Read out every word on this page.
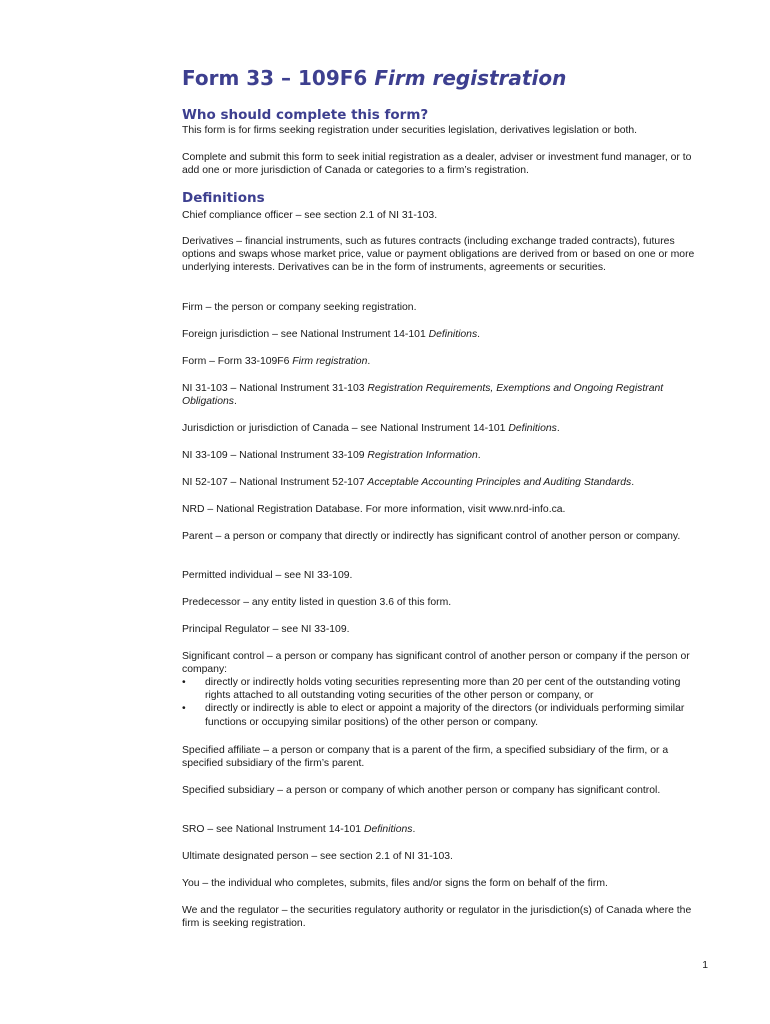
Form 33 – 109F6 Firm registration
Who should complete this form?

This form is for firms seeking registration under securities legislation, derivatives legislation or both.

Complete and submit this form to seek initial registration as a dealer, adviser or investment fund manager, or to add one or more jurisdiction of Canada or categories to a firm’s registration.

Definitions

Chief compliance officer – see section 2.1 of NI 31-103.

Derivatives – financial instruments, such as futures contracts (including exchange traded contracts), futures options and swaps whose market price, value or payment obligations are derived from or based on one or more underlying interests. Derivatives can be in the form of instruments, agreements or securities.

Firm – the person or company seeking registration.

Foreign jurisdiction – see National Instrument 14-101 Definitions.

Form – Form 33-109F6 Firm registration.

NI 31-103 – National Instrument 31-103 Registration Requirements, Exemptions and Ongoing Registrant Obligations.

Jurisdiction or jurisdiction of Canada – see National Instrument 14-101 Definitions.

NI 33-109 – National Instrument 33-109 Registration Information.

NI 52-107 – National Instrument 52-107 Acceptable Accounting Principles and Auditing Standards.

NRD – National Registration Database. For more information, visit www.nrd-info.ca.

Parent – a person or company that directly or indirectly has significant control of another person or company.

Permitted individual – see NI 33-109.

Predecessor – any entity listed in question 3.6 of this form.

Principal Regulator – see NI 33-109.

Significant control – a person or company has significant control of another person or company if the person or company:

• directly or indirectly holds voting securities representing more than 20 per cent of the outstanding voting rights attached to all outstanding voting securities of the other person or company, or
• directly or indirectly is able to elect or appoint a majority of the directors (or individuals performing similar functions or occupying similar positions) of the other person or company.

Specified affiliate – a person or company that is a parent of the firm, a specified subsidiary of the firm, or a specified subsidiary of the firm’s parent.

Specified subsidiary – a person or company of which another person or company has significant control.

SRO – see National Instrument 14-101 Definitions.

Ultimate designated person – see section 2.1 of NI 31-103.

You – the individual who completes, submits, files and/or signs the form on behalf of the firm.

We and the regulator – the securities regulatory authority or regulator in the jurisdiction(s) of Canada where the firm is seeking registration.

1
